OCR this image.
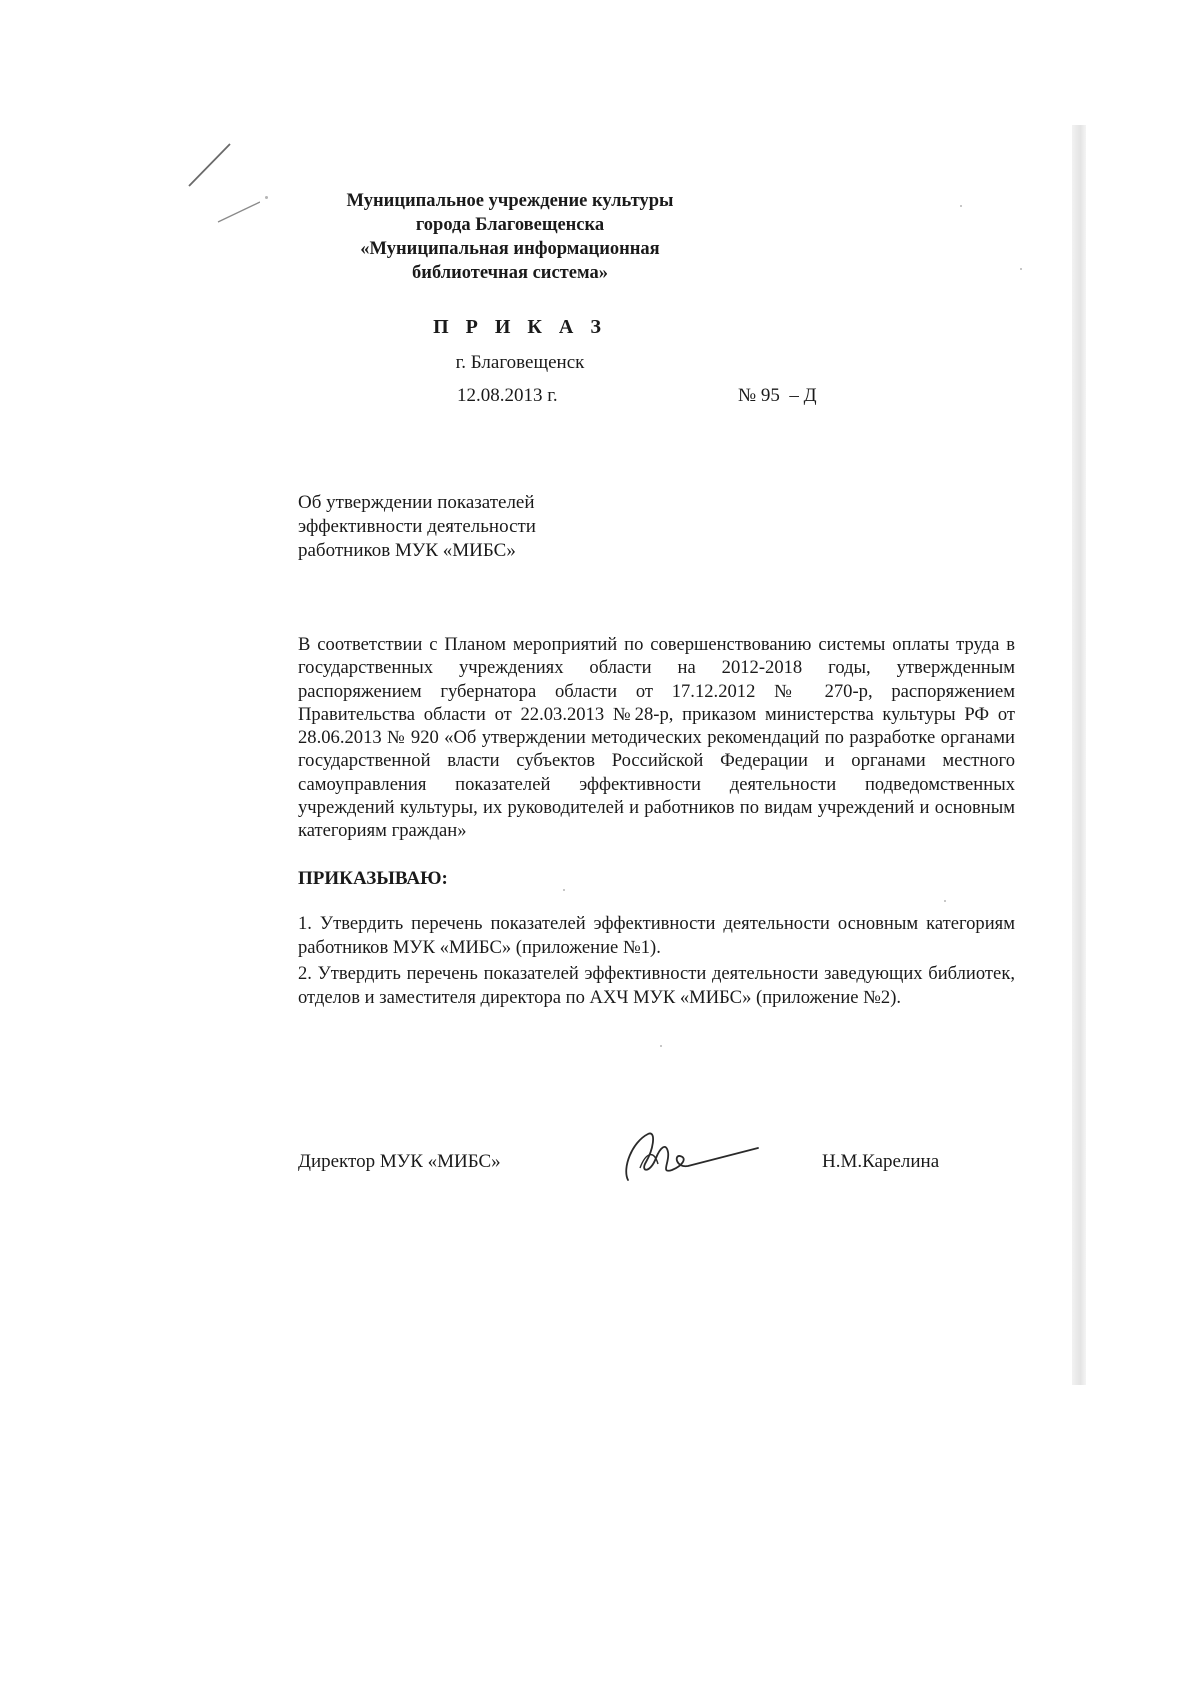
Муниципальное учреждение культуры
города Благовещенска
«Муниципальная информационная
библиотечная система»
П Р И К А З
г. Благовещенск
12.08.2013 г.	№ 95  – Д
Об утверждении показателей
эффективности деятельности
работников МУК «МИБС»
В соответствии с Планом мероприятий по совершенствованию системы оплаты труда в государственных учреждениях области на 2012-2018 годы, утвержденным распоряжением губернатора области от 17.12.2012 № 270-р, распоряжением Правительства области от 22.03.2013 №28-р, приказом министерства культуры РФ от 28.06.2013 № 920 «Об утверждении методических рекомендаций по разработке органами государственной власти субъектов Российской Федерации и органами местного самоуправления показателей эффективности деятельности подведомственных учреждений культуры, их руководителей и работников по видам учреждений и основным категориям граждан»
ПРИКАЗЫВАЮ:
1. Утвердить перечень показателей эффективности деятельности основным категориям работников МУК «МИБС» (приложение №1).
2. Утвердить перечень показателей эффективности деятельности заведующих библиотек, отделов и заместителя директора по АХЧ МУК «МИБС» (приложение №2).
Директор МУК «МИБС»	Н.М.Карелина
